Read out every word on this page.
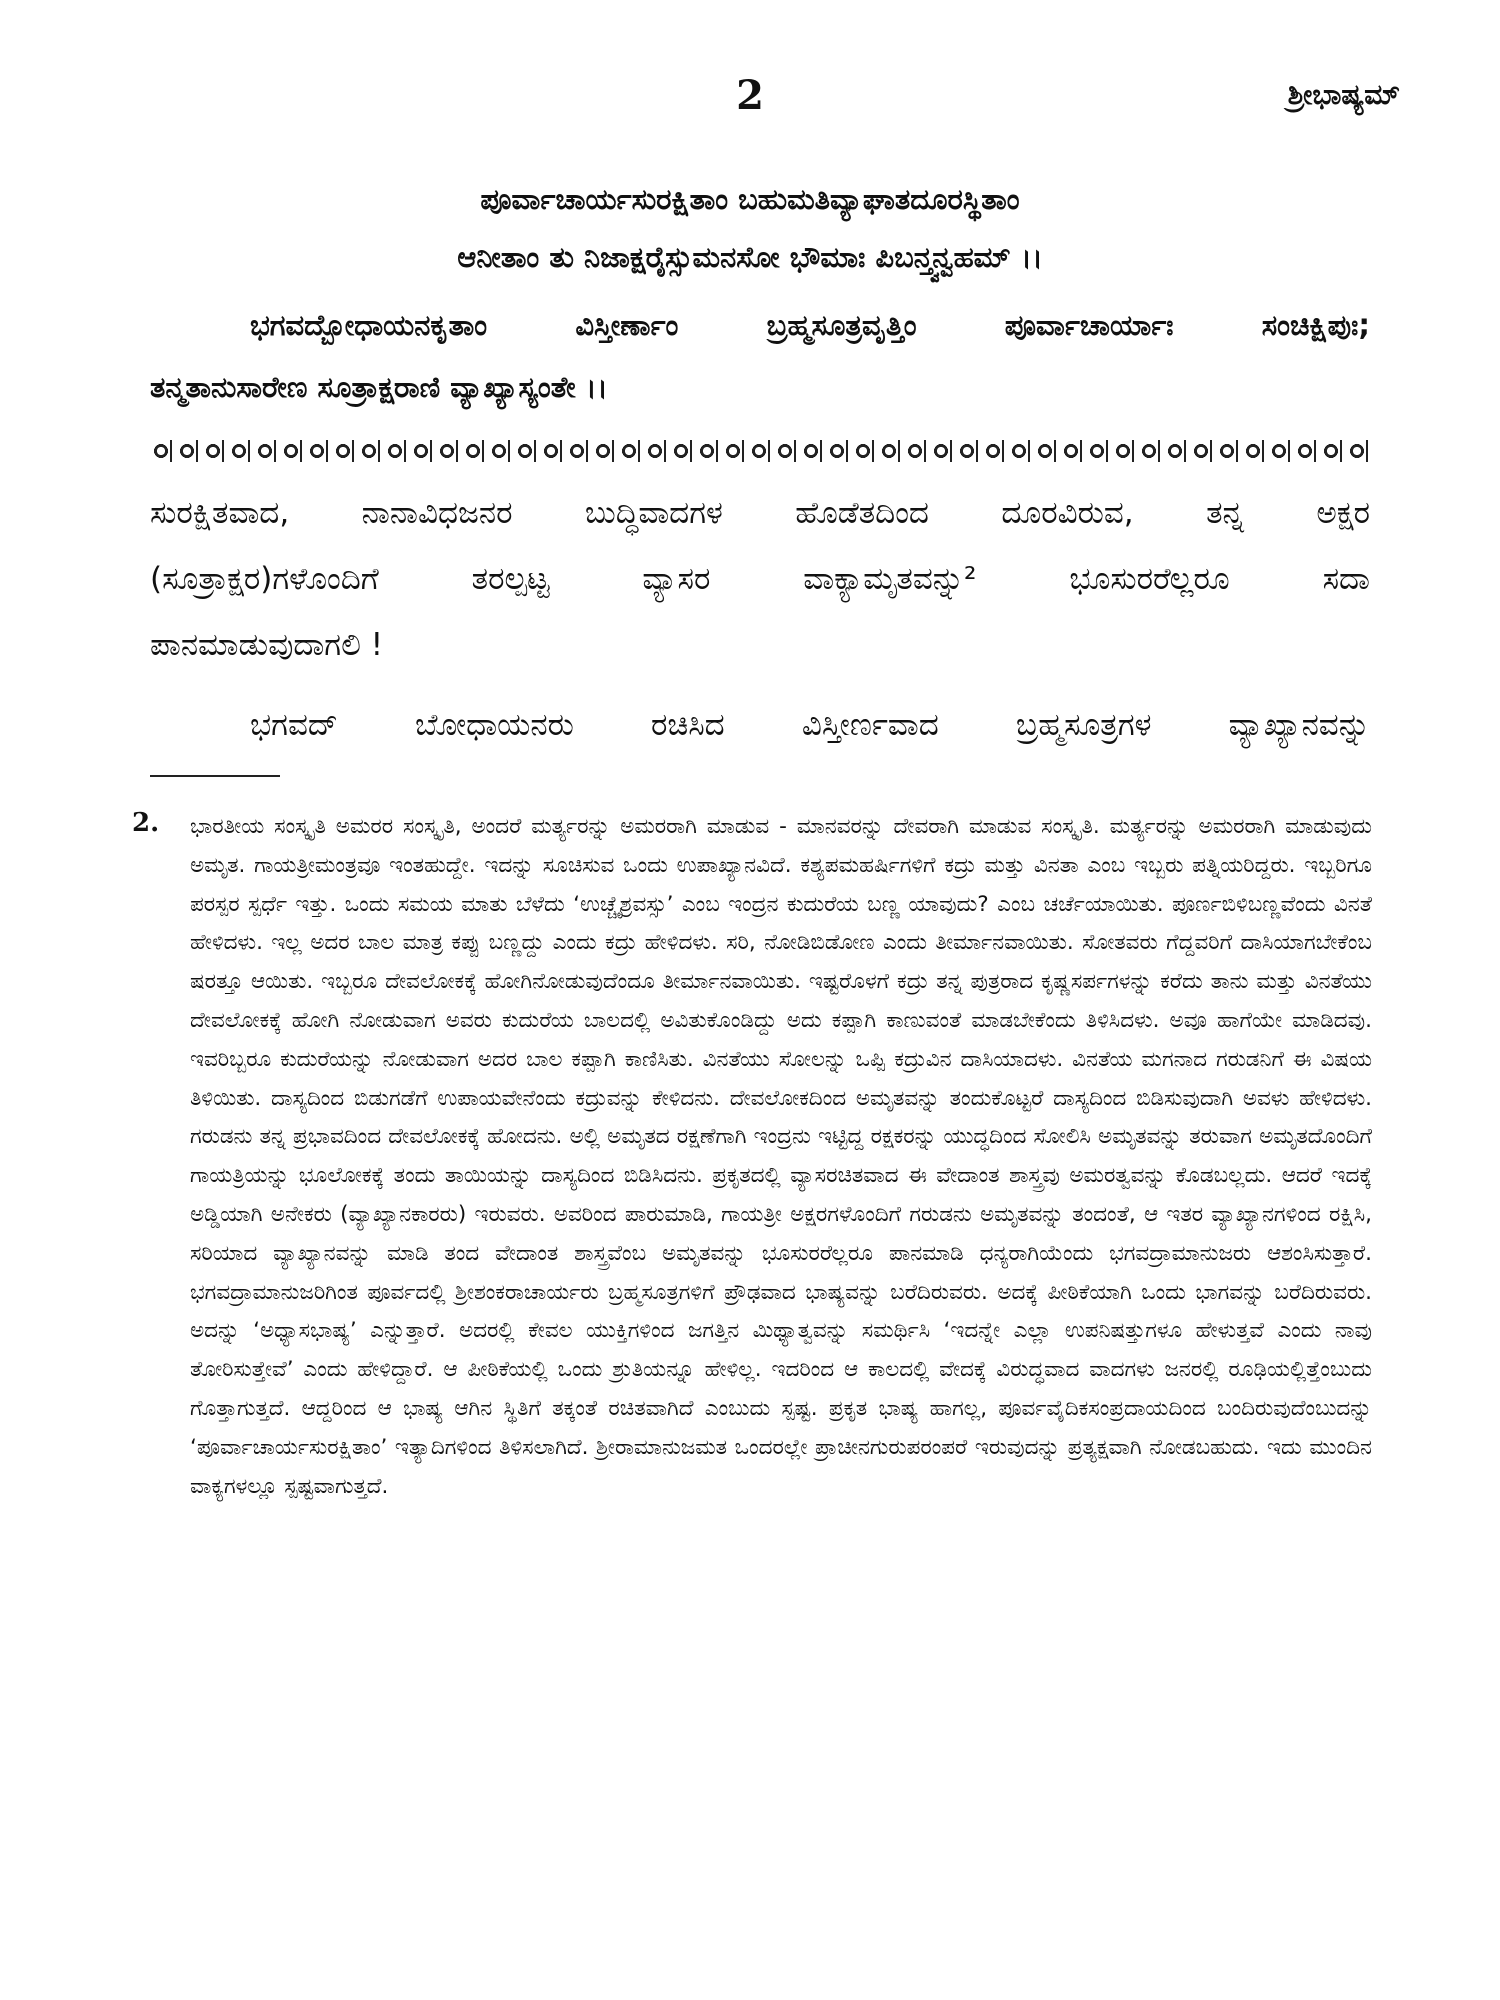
2	ಶ್ರೀಭಾಷ್ಯಮ್
ಪೂರ್ವಾಚಾರ್ಯಸುರಕ್ಷಿತಾಂ ಬಹುಮತಿವ್ಯಾಘಾತದೂರಸ್ಥಿತಾಂ
ಆನೀತಾಂ ತು ನಿಜಾಕ್ಷರೈಸ್ಸುಮನಸೋ ಭೌಮಾಃ ಪಿಬನ್ತ್ವನ್ವಹಮ್ ।।

ಭಗವದ್ಬೋಧಾಯನಕೃತಾಂ ವಿಸ್ತೀರ್ಣಾಂ ಬ್ರಹ್ಮಸೂತ್ರವೃತ್ತಿಂ ಪೂರ್ವಾಚಾರ್ಯಾಃ ಸಂಚಿಕ್ಷಿಪುಃ;

ತನ್ಮತಾನುಸಾರೇಣ ಸೂತ್ರಾಕ್ಷರಾಣಿ ವ್ಯಾಖ್ಯಾಸ್ಯಂತೇ ।।

ಸುರಕ್ಷಿತವಾದ, ನಾನಾವಿಧಜನರ ಬುದ್ಧಿವಾದಗಳ ಹೊಡೆತದಿಂದ ದೂರವಿರುವ, ತನ್ನ ಅಕ್ಷರ

(ಸೂತ್ರಾಕ್ಷರ)ಗಳೊಂದಿಗೆ ತರಲ್ಪಟ್ಟ ವ್ಯಾಸರ ವಾಕ್ಯಾಮೃತವನ್ನು² ಭೂಸುರರೆಲ್ಲರೂ ಸದಾ

ಪಾನಮಾಡುವುದಾಗಲಿ !

ಭಗವದ್ ಬೋಧಾಯನರು ರಚಿಸಿದ ವಿಸ್ತೀರ್ಣವಾದ ಬ್ರಹ್ಮಸೂತ್ರಗಳ ವ್ಯಾಖ್ಯಾನವನ್ನು

2. ಭಾರತೀಯ ಸಂಸ್ಕೃತಿ ಅಮರರ ಸಂಸ್ಕೃತಿ, ಅಂದರೆ ಮರ್ತ್ಯರನ್ನು ಅಮರರಾಗಿ ಮಾಡುವ - ಮಾನವರನ್ನು ದೇವರಾಗಿ ಮಾಡುವ ಸಂಸ್ಕೃತಿ. ಮರ್ತ್ಯರನ್ನು ಅಮರರಾಗಿ ಮಾಡುವುದು ಅಮೃತ. ಗಾಯತ್ರೀಮಂತ್ರವೂ ಇಂತಹುದ್ದೇ. ಇದನ್ನು ಸೂಚಿಸುವ ಒಂದು ಉಪಾಖ್ಯಾನವಿದೆ. ಕಶ್ಯಪಮಹರ್ಷಿಗಳಿಗೆ ಕದ್ರು ಮತ್ತು ವಿನತಾ ಎಂಬ ಇಬ್ಬರು ಪತ್ನಿಯರಿದ್ದರು. ಇಬ್ಬರಿಗೂ ಪರಸ್ಪರ ಸ್ಪರ್ಧೆ ಇತ್ತು. ಒಂದು ಸಮಯ ಮಾತು ಬೆಳೆದು ‘ಉಚ್ಚೈಶ್ರವಸ್ಸು’ ಎಂಬ ಇಂದ್ರನ ಕುದುರೆಯ ಬಣ್ಣ ಯಾವುದು? ಎಂಬ ಚರ್ಚೆಯಾಯಿತು. ಪೂರ್ಣಬಿಳಿಬಣ್ಣವೆಂದು ವಿನತೆ ಹೇಳಿದಳು. ಇಲ್ಲ ಅದರ ಬಾಲ ಮಾತ್ರ ಕಪ್ಪು ಬಣ್ಣದ್ದು ಎಂದು ಕದ್ರು ಹೇಳಿದಳು. ಸರಿ, ನೋಡಿಬಿಡೋಣ ಎಂದು ತೀರ್ಮಾನವಾಯಿತು. ಸೋತವರು ಗೆದ್ದವರಿಗೆ ದಾಸಿಯಾಗಬೇಕೆಂಬ ಷರತ್ತೂ ಆಯಿತು. ಇಬ್ಬರೂ ದೇವಲೋಕಕ್ಕೆ ಹೋಗಿನೋಡುವುದೆಂದೂ ತೀರ್ಮಾನವಾಯಿತು. ಇಷ್ಟರೊಳಗೆ ಕದ್ರು ತನ್ನ ಪುತ್ರರಾದ ಕೃಷ್ಣಸರ್ಪಗಳನ್ನು ಕರೆದು ತಾನು ಮತ್ತು ವಿನತೆಯು ದೇವಲೋಕಕ್ಕೆ ಹೋಗಿ ನೋಡುವಾಗ ಅವರು ಕುದುರೆಯ ಬಾಲದಲ್ಲಿ ಅವಿತುಕೊಂಡಿದ್ದು ಅದು ಕಪ್ಪಾಗಿ ಕಾಣುವಂತೆ ಮಾಡಬೇಕೆಂದು ತಿಳಿಸಿದಳು. ಅವೂ ಹಾಗೆಯೇ ಮಾಡಿದವು. ಇವರಿಬ್ಬರೂ ಕುದುರೆಯನ್ನು ನೋಡುವಾಗ ಅದರ ಬಾಲ ಕಪ್ಪಾಗಿ ಕಾಣಿಸಿತು. ವಿನತೆಯು ಸೋಲನ್ನು ಒಪ್ಪಿ ಕದ್ರುವಿನ ದಾಸಿಯಾದಳು. ವಿನತೆಯ ಮಗನಾದ ಗರುಡನಿಗೆ ಈ ವಿಷಯ ತಿಳಿಯಿತು. ದಾಸ್ಯದಿಂದ ಬಿಡುಗಡೆಗೆ ಉಪಾಯವೇನೆಂದು ಕದ್ರುವನ್ನು ಕೇಳಿದನು. ದೇವಲೋಕದಿಂದ ಅಮೃತವನ್ನು ತಂದುಕೊಟ್ಟರೆ ದಾಸ್ಯದಿಂದ ಬಿಡಿಸುವುದಾಗಿ ಅವಳು ಹೇಳಿದಳು. ಗರುಡನು ತನ್ನ ಪ್ರಭಾವದಿಂದ ದೇವಲೋಕಕ್ಕೆ ಹೋದನು. ಅಲ್ಲಿ ಅಮೃತದ ರಕ್ಷಣೆಗಾಗಿ ಇಂದ್ರನು ಇಟ್ಟಿದ್ದ ರಕ್ಷಕರನ್ನು ಯುದ್ಧದಿಂದ ಸೋಲಿಸಿ ಅಮೃತವನ್ನು ತರುವಾಗ ಅಮೃತದೊಂದಿಗೆ ಗಾಯತ್ರಿಯನ್ನು ಭೂಲೋಕಕ್ಕೆ ತಂದು ತಾಯಿಯನ್ನು ದಾಸ್ಯದಿಂದ ಬಿಡಿಸಿದನು. ಪ್ರಕೃತದಲ್ಲಿ ವ್ಯಾಸರಚಿತವಾದ ಈ ವೇದಾಂತ ಶಾಸ್ತ್ರವು ಅಮರತ್ವವನ್ನು ಕೊಡಬಲ್ಲದು. ಆದರೆ ಇದಕ್ಕೆ ಅಡ್ಡಿಯಾಗಿ ಅನೇಕರು (ವ್ಯಾಖ್ಯಾನಕಾರರು) ಇರುವರು. ಅವರಿಂದ ಪಾರುಮಾಡಿ, ಗಾಯತ್ರೀ ಅಕ್ಷರಗಳೊಂದಿಗೆ ಗರುಡನು ಅಮೃತವನ್ನು ತಂದಂತೆ, ಆ ಇತರ ವ್ಯಾಖ್ಯಾನಗಳಿಂದ ರಕ್ಷಿಸಿ, ಸರಿಯಾದ ವ್ಯಾಖ್ಯಾನವನ್ನು ಮಾಡಿ ತಂದ ವೇದಾಂತ ಶಾಸ್ತ್ರವೆಂಬ ಅಮೃತವನ್ನು ಭೂಸುರರೆಲ್ಲರೂ ಪಾನಮಾಡಿ ಧನ್ಯರಾಗಿಯೆಂದು ಭಗವದ್ರಾಮಾನುಜರು ಆಶಂಸಿಸುತ್ತಾರೆ. ಭಗವದ್ರಾಮಾನುಜರಿಗಿಂತ ಪೂರ್ವದಲ್ಲಿ ಶ್ರೀಶಂಕರಾಚಾರ್ಯರು ಬ್ರಹ್ಮಸೂತ್ರಗಳಿಗೆ ಪ್ರೌಢವಾದ ಭಾಷ್ಯವನ್ನು ಬರೆದಿರುವರು. ಅದಕ್ಕೆ ಪೀಠಿಕೆಯಾಗಿ ಒಂದು ಭಾಗವನ್ನು ಬರೆದಿರುವರು. ಅದನ್ನು ‘ಅಧ್ಯಾಸಭಾಷ್ಯ’ ಎನ್ನುತ್ತಾರೆ. ಅದರಲ್ಲಿ ಕೇವಲ ಯುಕ್ತಿಗಳಿಂದ ಜಗತ್ತಿನ ಮಿಥ್ಯಾತ್ವವನ್ನು ಸಮರ್ಥಿಸಿ ‘ಇದನ್ನೇ ಎಲ್ಲಾ ಉಪನಿಷತ್ತುಗಳೂ ಹೇಳುತ್ತವೆ ಎಂದು ನಾವು ತೋರಿಸುತ್ತೇವೆ’ ಎಂದು ಹೇಳಿದ್ದಾರೆ. ಆ ಪೀಠಿಕೆಯಲ್ಲಿ ಒಂದು ಶ್ರುತಿಯನ್ನೂ ಹೇಳಿಲ್ಲ. ಇದರಿಂದ ಆ ಕಾಲದಲ್ಲಿ ವೇದಕ್ಕೆ ವಿರುದ್ಧವಾದ ವಾದಗಳು ಜನರಲ್ಲಿ ರೂಢಿಯಲ್ಲಿತ್ತೆಂಬುದು ಗೊತ್ತಾಗುತ್ತದೆ. ಆದ್ದರಿಂದ ಆ ಭಾಷ್ಯ ಆಗಿನ ಸ್ಥಿತಿಗೆ ತಕ್ಕಂತೆ ರಚಿತವಾಗಿದೆ ಎಂಬುದು ಸ್ಪಷ್ಟ. ಪ್ರಕೃತ ಭಾಷ್ಯ ಹಾಗಲ್ಲ, ಪೂರ್ವವೈದಿಕಸಂಪ್ರದಾಯದಿಂದ ಬಂದಿರುವುದೆಂಬುದನ್ನು ‘ಪೂರ್ವಾಚಾರ್ಯಸುರಕ್ಷಿತಾಂ’ ಇತ್ಯಾದಿಗಳಿಂದ ತಿಳಿಸಲಾಗಿದೆ. ಶ್ರೀರಾಮಾನುಜಮತ ಒಂದರಲ್ಲೇ ಪ್ರಾಚೀನಗುರುಪರಂಪರೆ ಇರುವುದನ್ನು ಪ್ರತ್ಯಕ್ಷವಾಗಿ ನೋಡಬಹುದು. ಇದು ಮುಂದಿನ ವಾಕ್ಯಗಳಲ್ಲೂ ಸ್ಪಷ್ಟವಾಗುತ್ತದೆ.
